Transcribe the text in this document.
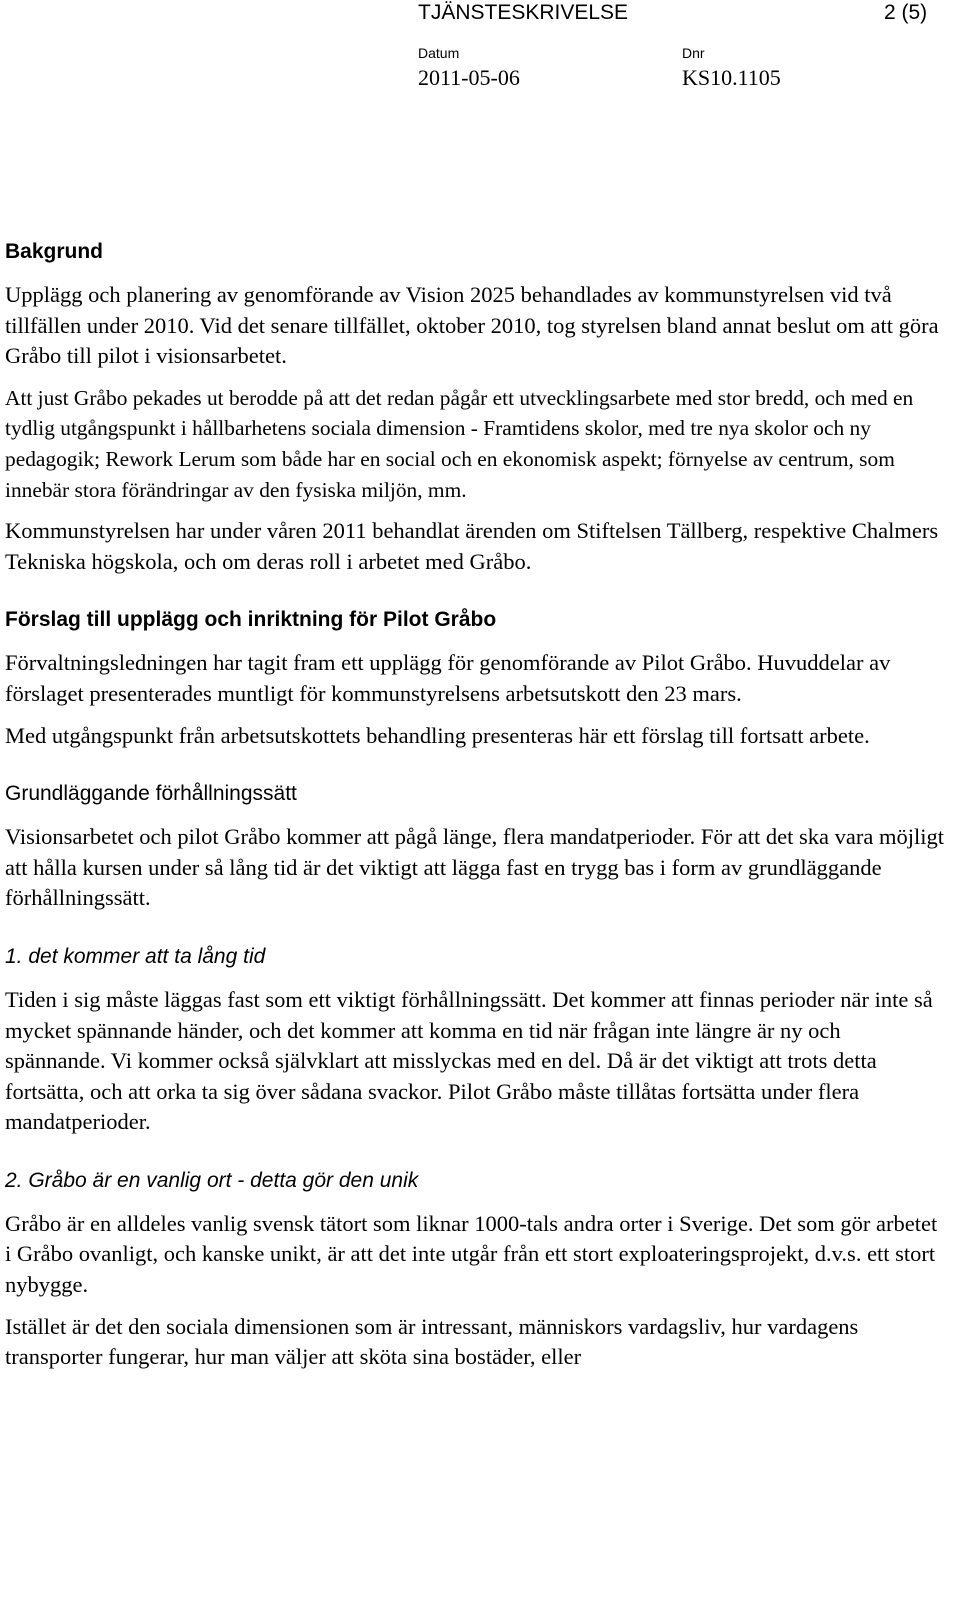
TJÄNSTESKRIVELSE	2 (5)
Datum
2011-05-06
Dnr
KS10.1105
Bakgrund

Upplägg och planering av genomförande av Vision 2025 behandlades av kommunstyrelsen vid två tillfällen under 2010. Vid det senare tillfället, oktober 2010, tog styrelsen bland annat beslut om att göra Gråbo till pilot i visionsarbetet.

Att just Gråbo pekades ut berodde på att det redan pågår ett utvecklingsarbete med stor bredd, och med en tydlig utgångspunkt i hållbarhetens sociala dimension - Framtidens skolor, med tre nya skolor och ny pedagogik; Rework Lerum som både har en social och en ekonomisk aspekt; förnyelse av centrum, som innebär stora förändringar av den fysiska miljön, mm.

Kommunstyrelsen har under våren 2011 behandlat ärenden om Stiftelsen Tällberg, respektive Chalmers Tekniska högskola, och om deras roll i arbetet med Gråbo.

Förslag till upplägg och inriktning för Pilot Gråbo

Förvaltningsledningen har tagit fram ett upplägg för genomförande av Pilot Gråbo. Huvuddelar av förslaget presenterades muntligt för kommunstyrelsens arbetsutskott den 23 mars.

Med utgångspunkt från arbetsutskottets behandling presenteras här ett förslag till fortsatt arbete.

Grundläggande förhållningssätt

Visionsarbetet och pilot Gråbo kommer att pågå länge, flera mandatperioder. För att det ska vara möjligt att hålla kursen under så lång tid är det viktigt att lägga fast en trygg bas i form av grundläggande förhållningssätt.

1. det kommer att ta lång tid

Tiden i sig måste läggas fast som ett viktigt förhållningssätt. Det kommer att finnas perioder när inte så mycket spännande händer, och det kommer att komma en tid när frågan inte längre är ny och spännande. Vi kommer också självklart att misslyckas med en del. Då är det viktigt att trots detta fortsätta, och att orka ta sig över sådana svackor. Pilot Gråbo måste tillåtas fortsätta under flera mandatperioder.

2. Gråbo är en vanlig ort - detta gör den unik

Gråbo är en alldeles vanlig svensk tätort som liknar 1000-tals andra orter i Sverige. Det som gör arbetet i Gråbo ovanligt, och kanske unikt, är att det inte utgår från ett stort exploateringsprojekt, d.v.s. ett stort nybygge.

Istället är det den sociala dimensionen som är intressant, människors vardagsliv, hur vardagens transporter fungerar, hur man väljer att sköta sina bostäder, eller
